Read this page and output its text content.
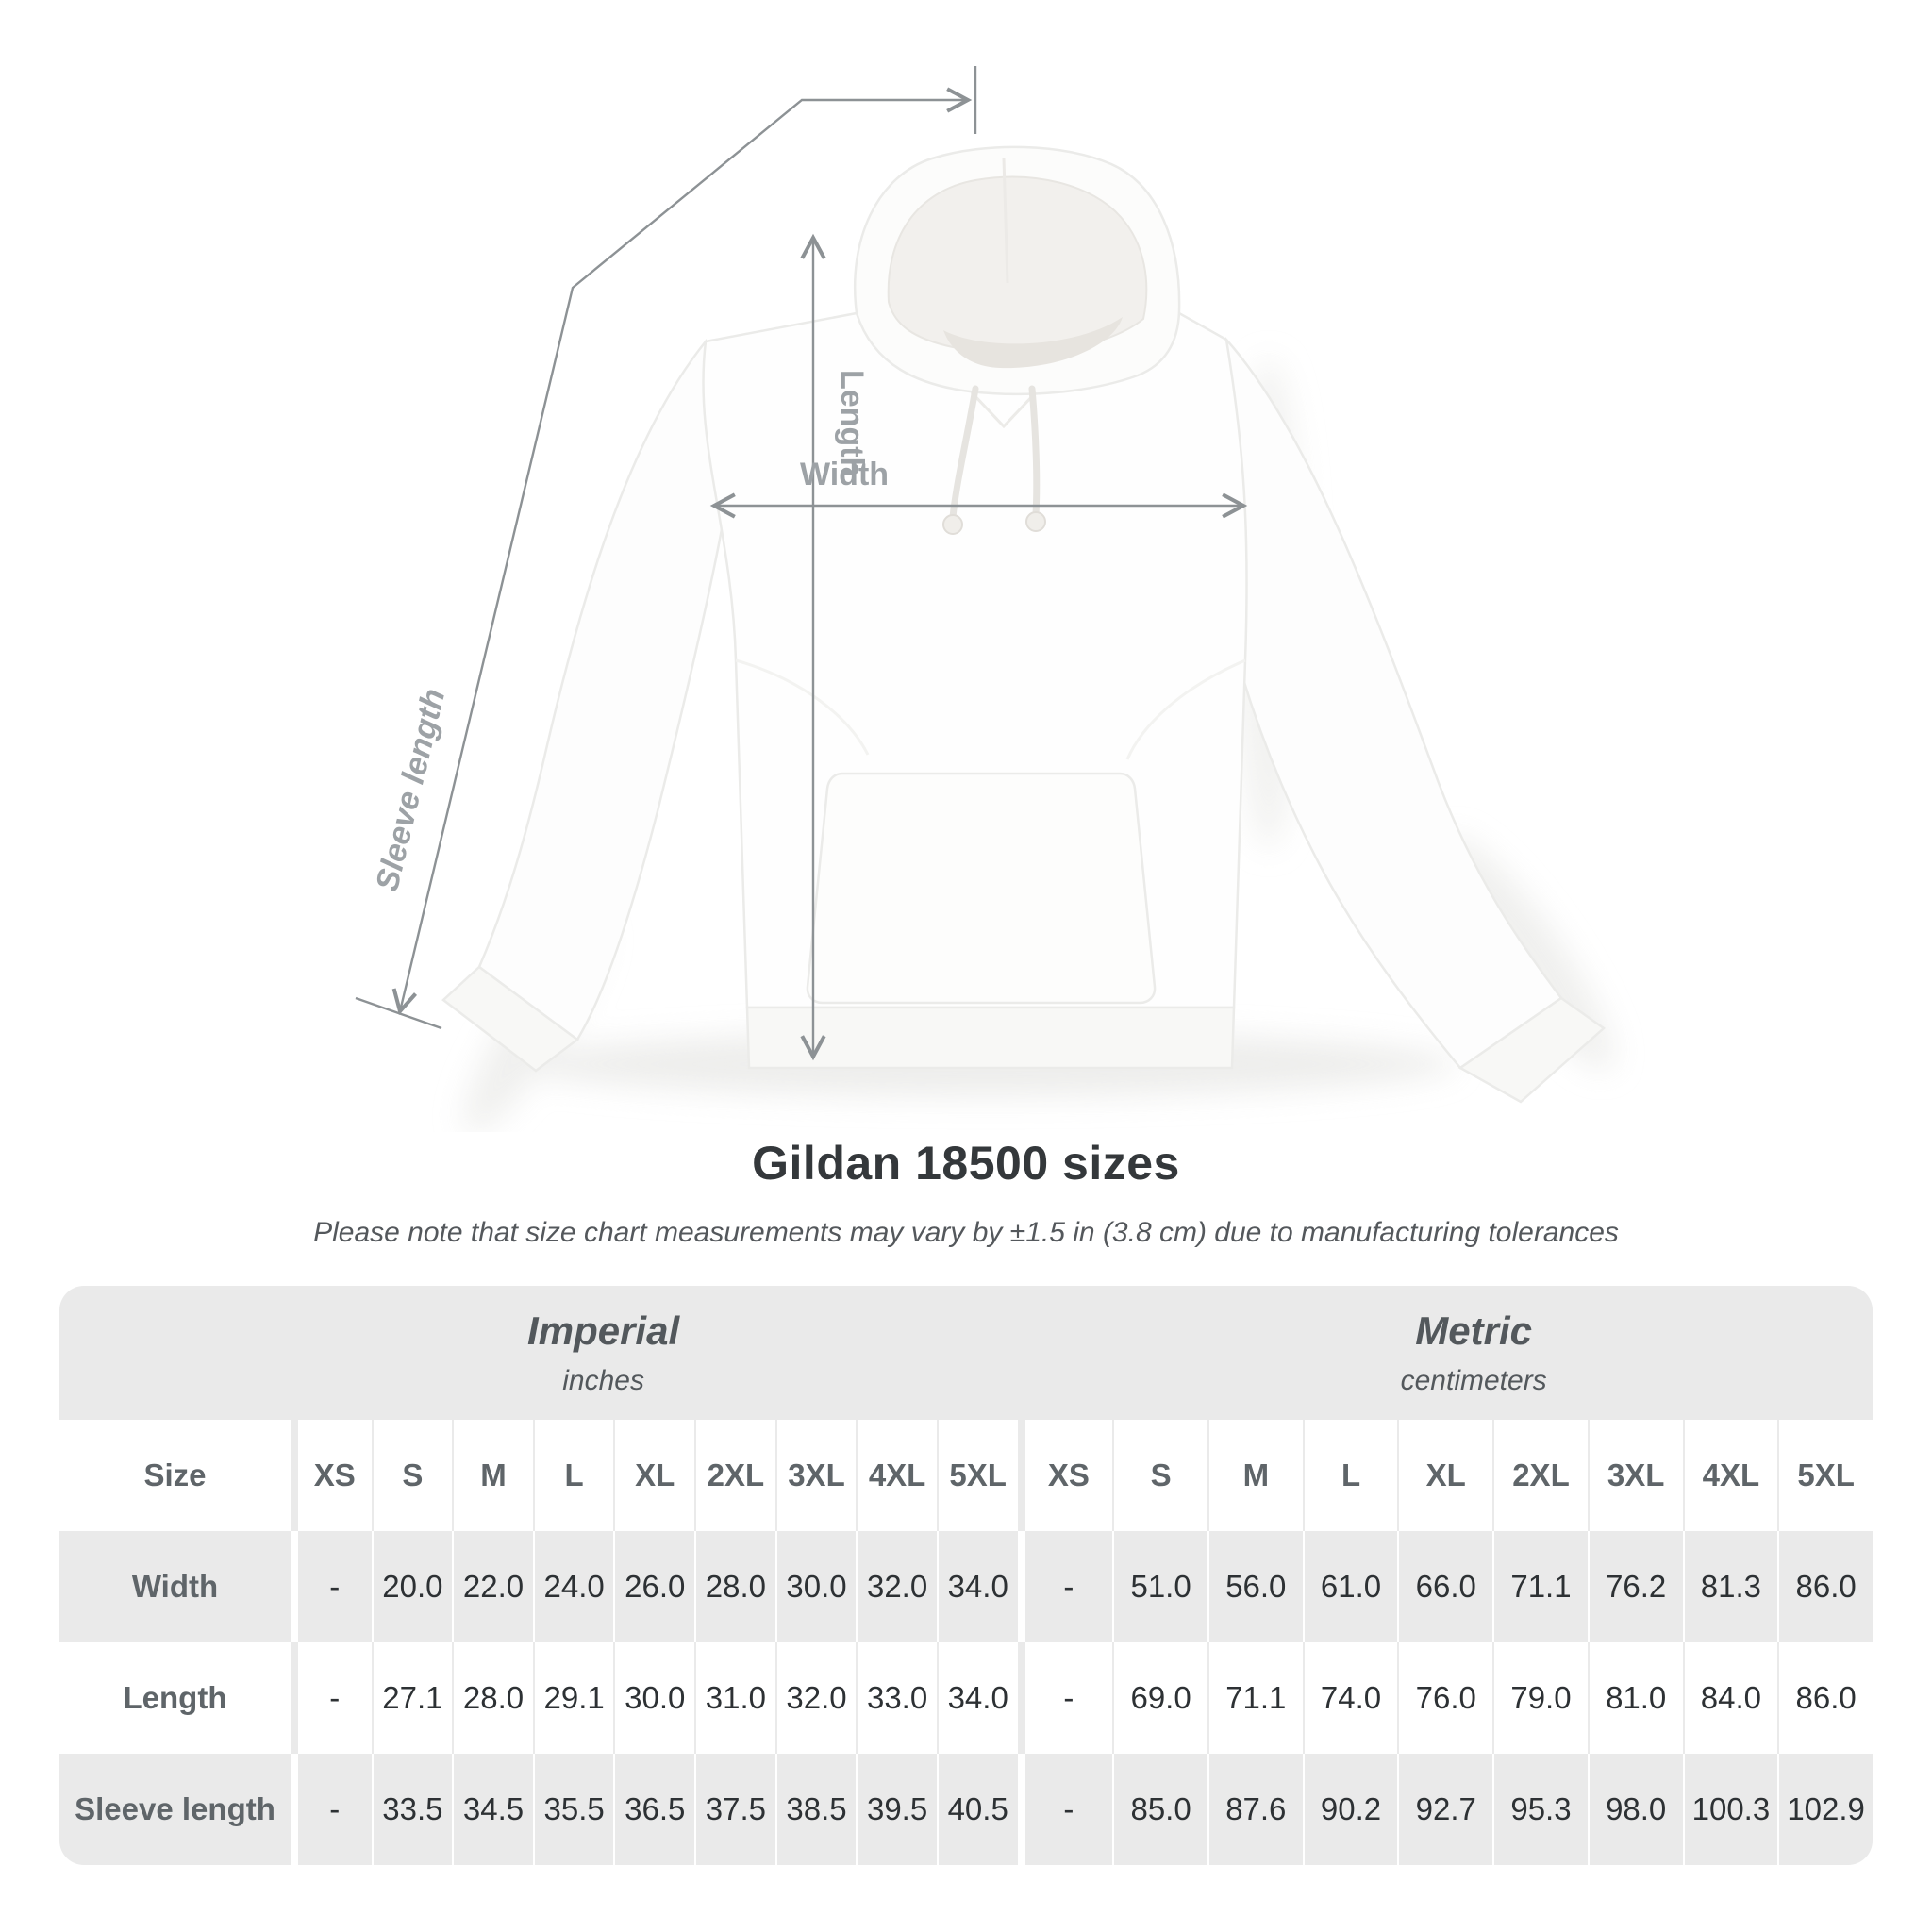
Width
Length
Sleeve length
Gildan 18500 sizes
Please note that size chart measurements may vary by ±1.5 in (3.8 cm) due to manufacturing tolerances
Imperial
inches
Metric
centimeters
Size	XS	S	M	L	XL	2XL 3XL 4XL 5XL	XS	S	M	L	XL	2XL	3XL	4XL	5XL
Width	-	20.0 22.0 24.0 26.0 28.0 30.0 32.0 34.0	-	51.0	56.0	61.0	66.0	71.1	76.2	81.3	86.0
Length	-	27.1 28.0 29.1 30.0 31.0 32.0 33.0 34.0	-	69.0	71.1	74.0	76.0	79.0	81.0	84.0	86.0
Sleeve length	-	33.5 34.5 35.5 36.5 37.5 38.5 39.5 40.5	-	85.0	87.6	90.2	92.7	95.3	98.0 100.3 102.9
